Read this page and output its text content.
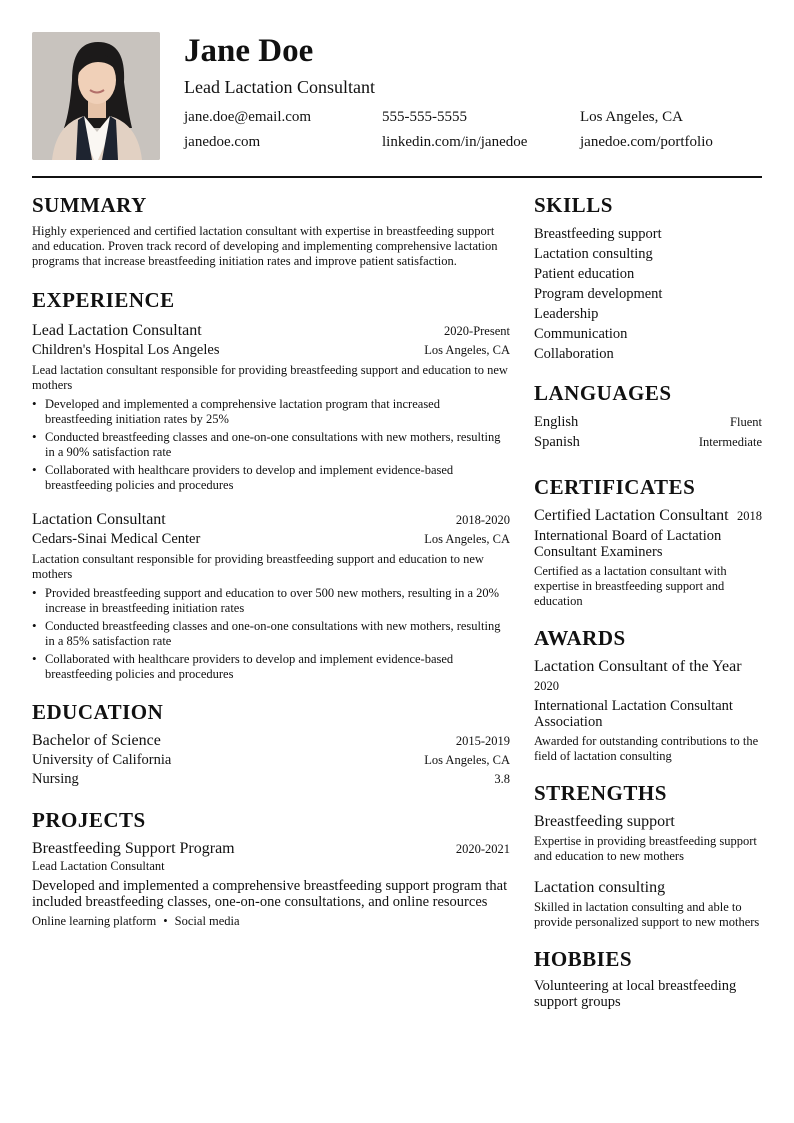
Jane Doe
Lead Lactation Consultant
jane.doe@email.com	555-555-5555	Los Angeles, CA
janedoe.com	linkedin.com/in/janedoe	janedoe.com/portfolio
SUMMARY

Highly experienced and certified lactation consultant with expertise in breastfeeding support and education. Proven track record of developing and implementing comprehensive lactation programs that increase breastfeeding initiation rates and improve patient satisfaction.

EXPERIENCE
Lead Lactation Consultant	2020-Present
Children's Hospital Los Angeles	Los Angeles, CA

Lead lactation consultant responsible for providing breastfeeding support and education to new mothers

• Developed and implemented a comprehensive lactation program that increased breastfeeding initiation rates by 25%
• Conducted breastfeeding classes and one-on-one consultations with new mothers, resulting in a 90% satisfaction rate
• Collaborated with healthcare providers to develop and implement evidence-based breastfeeding policies and procedures
Lactation Consultant	2018-2020
Cedars-Sinai Medical Center	Los Angeles, CA

Lactation consultant responsible for providing breastfeeding support and education to new mothers

• Provided breastfeeding support and education to over 500 new mothers, resulting in a 20% increase in breastfeeding initiation rates
• Conducted breastfeeding classes and one-on-one consultations with new mothers, resulting in a 85% satisfaction rate
• Collaborated with healthcare providers to develop and implement evidence-based breastfeeding policies and procedures
EDUCATION
Bachelor of Science	2015-2019
University of California	Los Angeles, CA
Nursing	3.8
PROJECTS
Breastfeeding Support Program	2020-2021
Lead Lactation Consultant

Developed and implemented a comprehensive breastfeeding support program that included breastfeeding classes, one-on-one consultations, and online resources

Online learning platform • Social media
SKILLS
Breastfeeding support
Lactation consulting
Patient education
Program development
Leadership
Communication
Collaboration
LANGUAGES
English	Fluent
Spanish	Intermediate
CERTIFICATES
Certified Lactation Consultant 2018
International Board of Lactation Consultant Examiners

Certified as a lactation consultant with expertise in breastfeeding support and education

AWARDS
Lactation Consultant of the Year
2020
International Lactation Consultant Association

Awarded for outstanding contributions to the field of lactation consulting

STRENGTHS
Breastfeeding support

Expertise in providing breastfeeding support and education to new mothers

Lactation consulting

Skilled in lactation consulting and able to provide personalized support to new mothers

HOBBIES

Volunteering at local breastfeeding support groups
